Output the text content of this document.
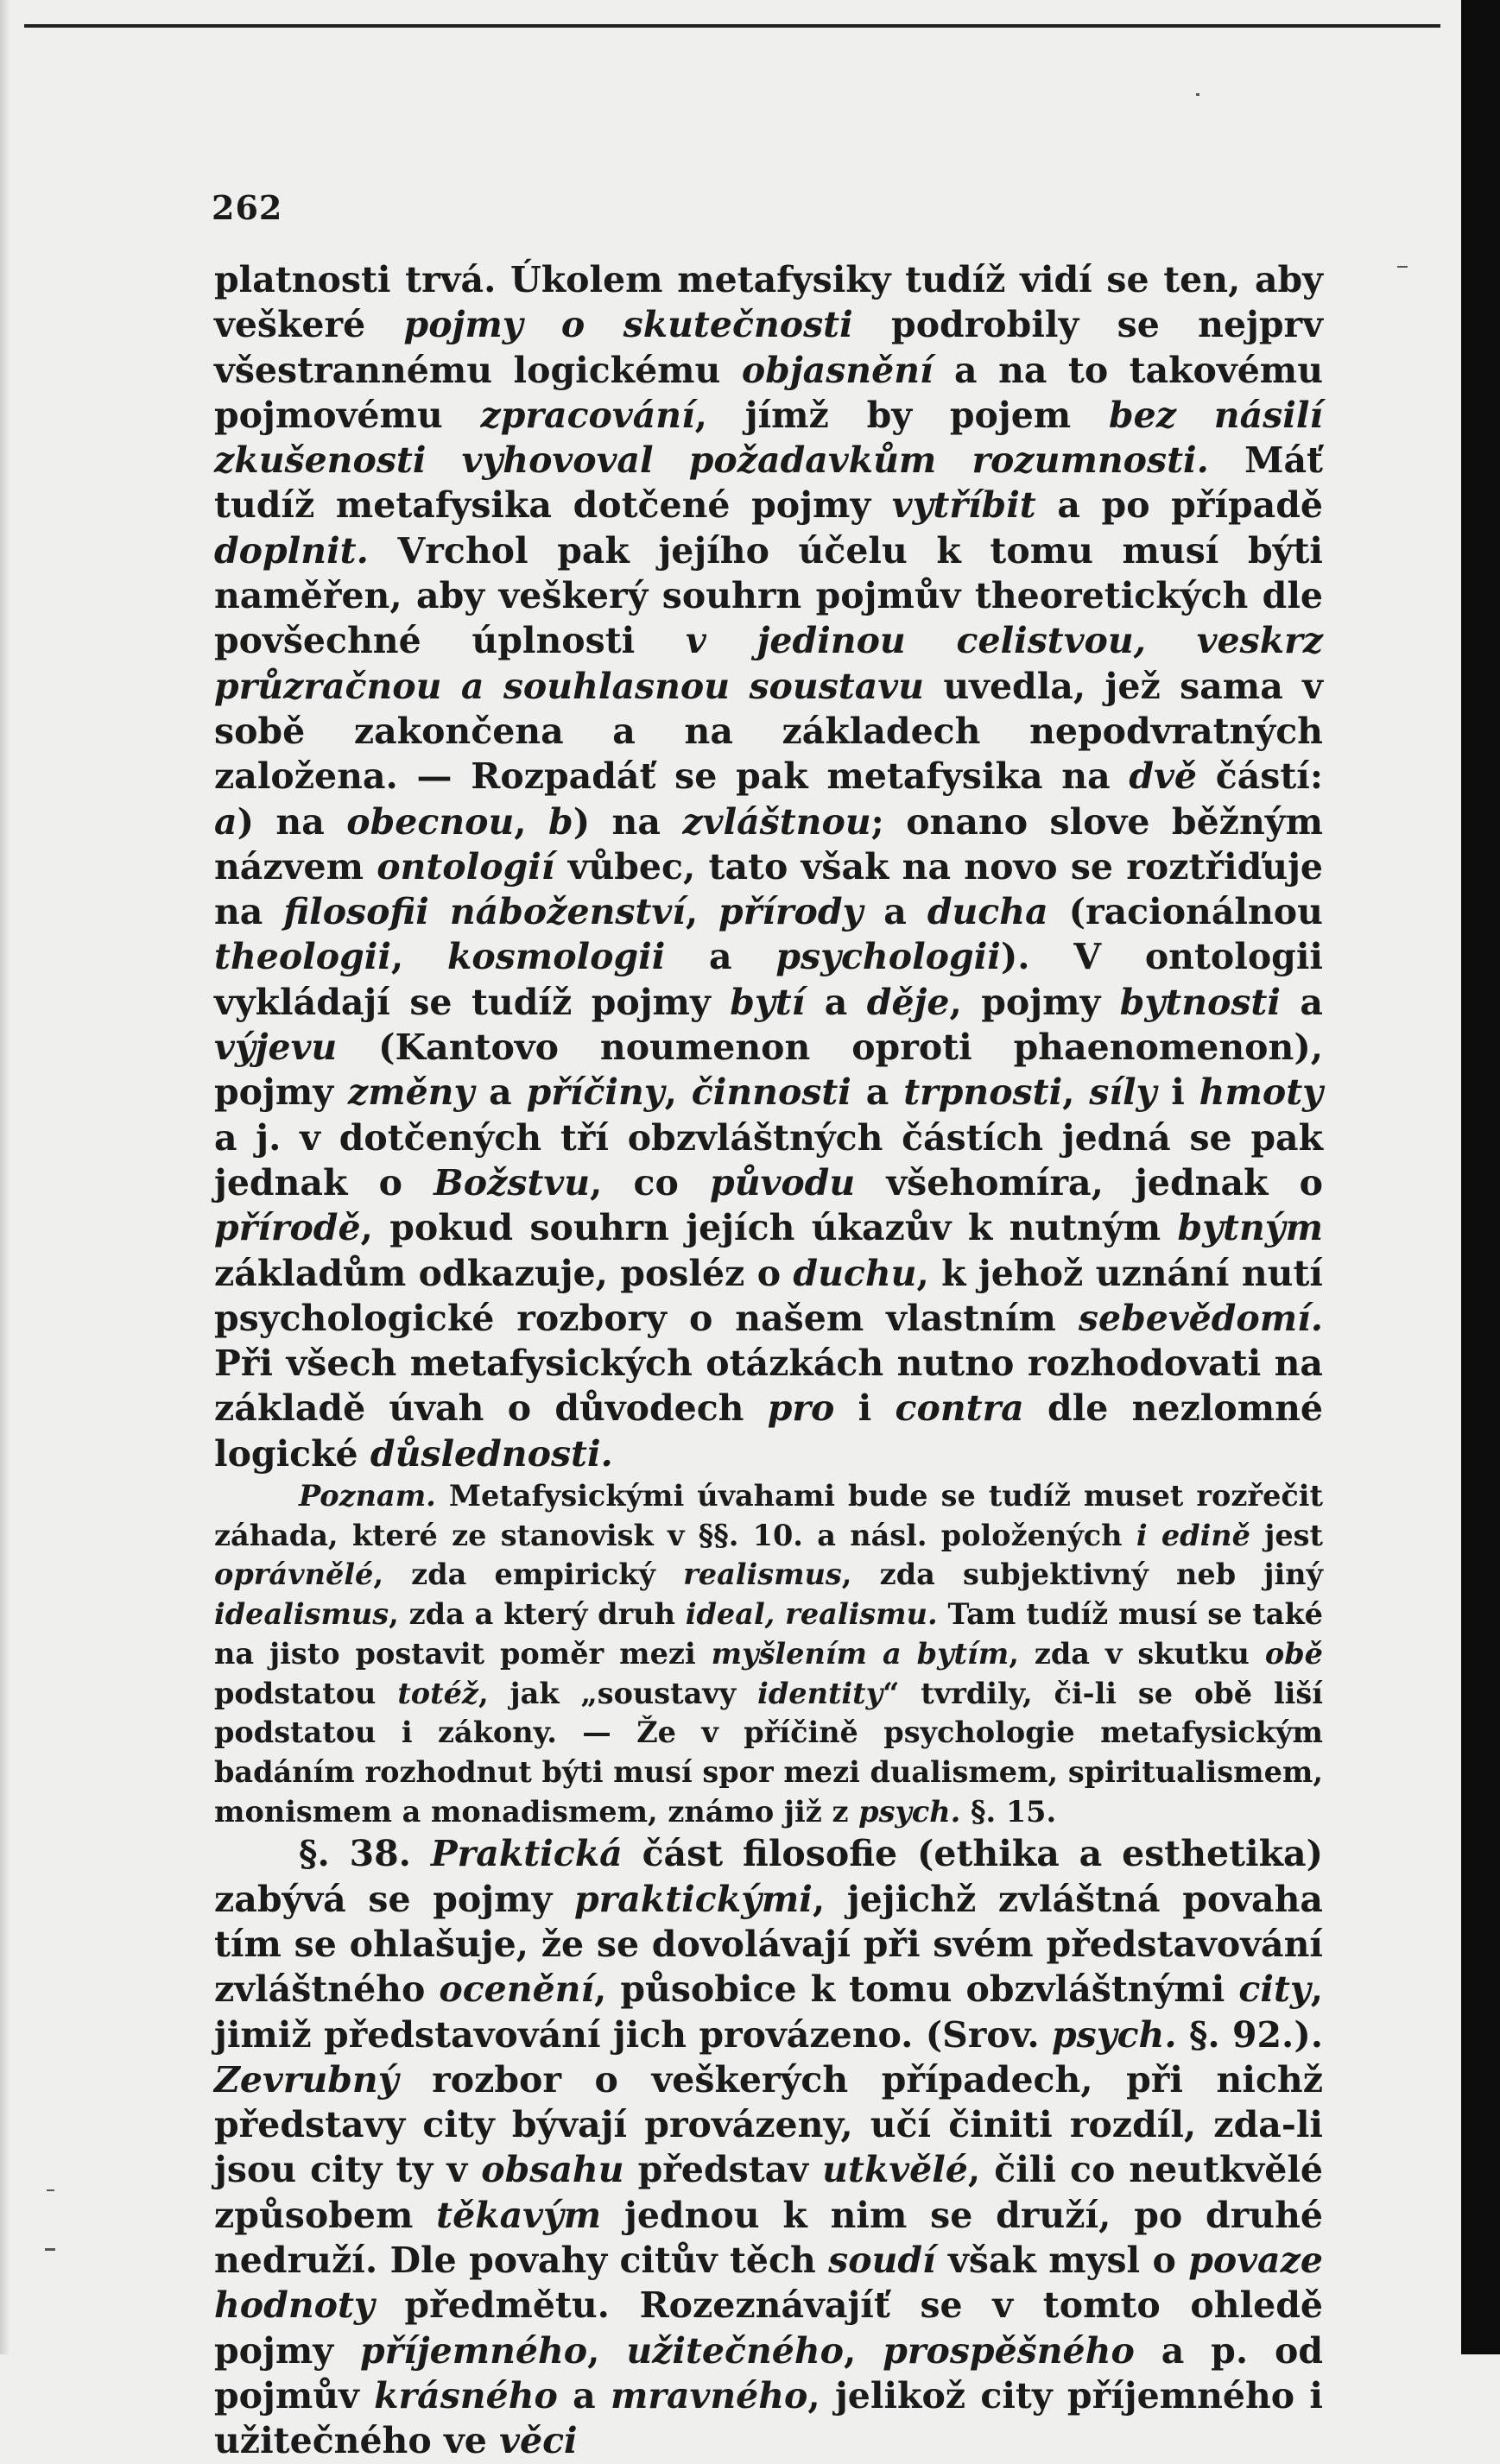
262

platnosti trvá. Úkolem metafysiky tudíž vidí se ten, aby veškeré pojmy o skutečnosti podrobily se nejprv všestrannému logickému objasnění a na to takovému pojmovému zpracování, jímž by pojem bez násilí zkušenosti vyhovoval požadavkům rozumnosti. Máť tudíž metafysika dotčené pojmy vytříbit a po případě doplnit. Vrchol pak jejího účelu k tomu musí býti naměřen, aby veškerý souhrn pojmův theoretických dle povšechné úplnosti v jedinou celistvou, veskrz průzračnou a souhlasnou soustavu uvedla, jež sama v sobě zakončena a na základech nepodvratných založena. — Rozpadáť se pak metafysika na dvě částí: a) na obecnou, b) na zvláštnou; onano slove běžným názvem ontologií vůbec, tato však na novo se roztřiďuje na filosofii náboženství, přírody a ducha (racionálnou theologii, kosmologii a psychologii). V ontologii vykládají se tudíž pojmy bytí a děje, pojmy bytnosti a výjevu (Kantovo noumenon oproti phaenomenon), pojmy změny a příčiny, činnosti a trpnosti, síly i hmoty a j. v dotčených tří obzvláštných částích jedná se pak jednak o Božstvu, co původu všehomíra, jednak o přírodě, pokud souhrn jejích úkazův k nutným bytným základům odkazuje, posléz o duchu, k jehož uznání nutí psychologické rozbory o našem vlastním sebevědomí. Při všech metafysických otázkách nutno rozhodovati na základě úvah o důvodech pro i contra dle nezlomné logické důslednosti.

Poznam. Metafysickými úvahami bude se tudíž muset rozřečit záhada, které ze stanovisk v §§. 10. a násl. položených i edině jest oprávnělé, zda empirický realismus, zda subjektivný neb jiný idealismus, zda a který druh ideal, realismu. Tam tudíž musí se také na jisto postavit poměr mezi myšlením a bytím, zda v skutku obě podstatou totéž, jak „soustavy identity“ tvrdily, či-li se obě liší podstatou i zákony. — Že v příčině psychologie metafysickým badáním rozhodnut býti musí spor mezi dualismem, spiritualismem, monismem a monadismem, známo již z psych. §. 15.

§. 38. Praktická část filosofie (ethika a esthetika) zabývá se pojmy praktickými, jejichž zvláštná povaha tím se ohlašuje, že se dovolávají při svém představování zvláštného ocenění, působice k tomu obzvláštnými city, jimiž představování jich provázeno. (Srov. psych. §. 92.). Zevrubný rozbor o veškerých případech, při nichž představy city bývají provázeny, učí činiti rozdíl, zda-li jsou city ty v obsahu představ utkvělé, čili co neutkvělé způsobem těkavým jednou k nim se druží, po druhé nedruží. Dle povahy citův těch soudí však mysl o povaze hodnoty předmětu. Rozeznávajíť se v tomto ohledě pojmy příjemného, užitečného, prospěšného a p. od pojmův krásného a mravného, jelikož city příjemného i užitečného ve věci
